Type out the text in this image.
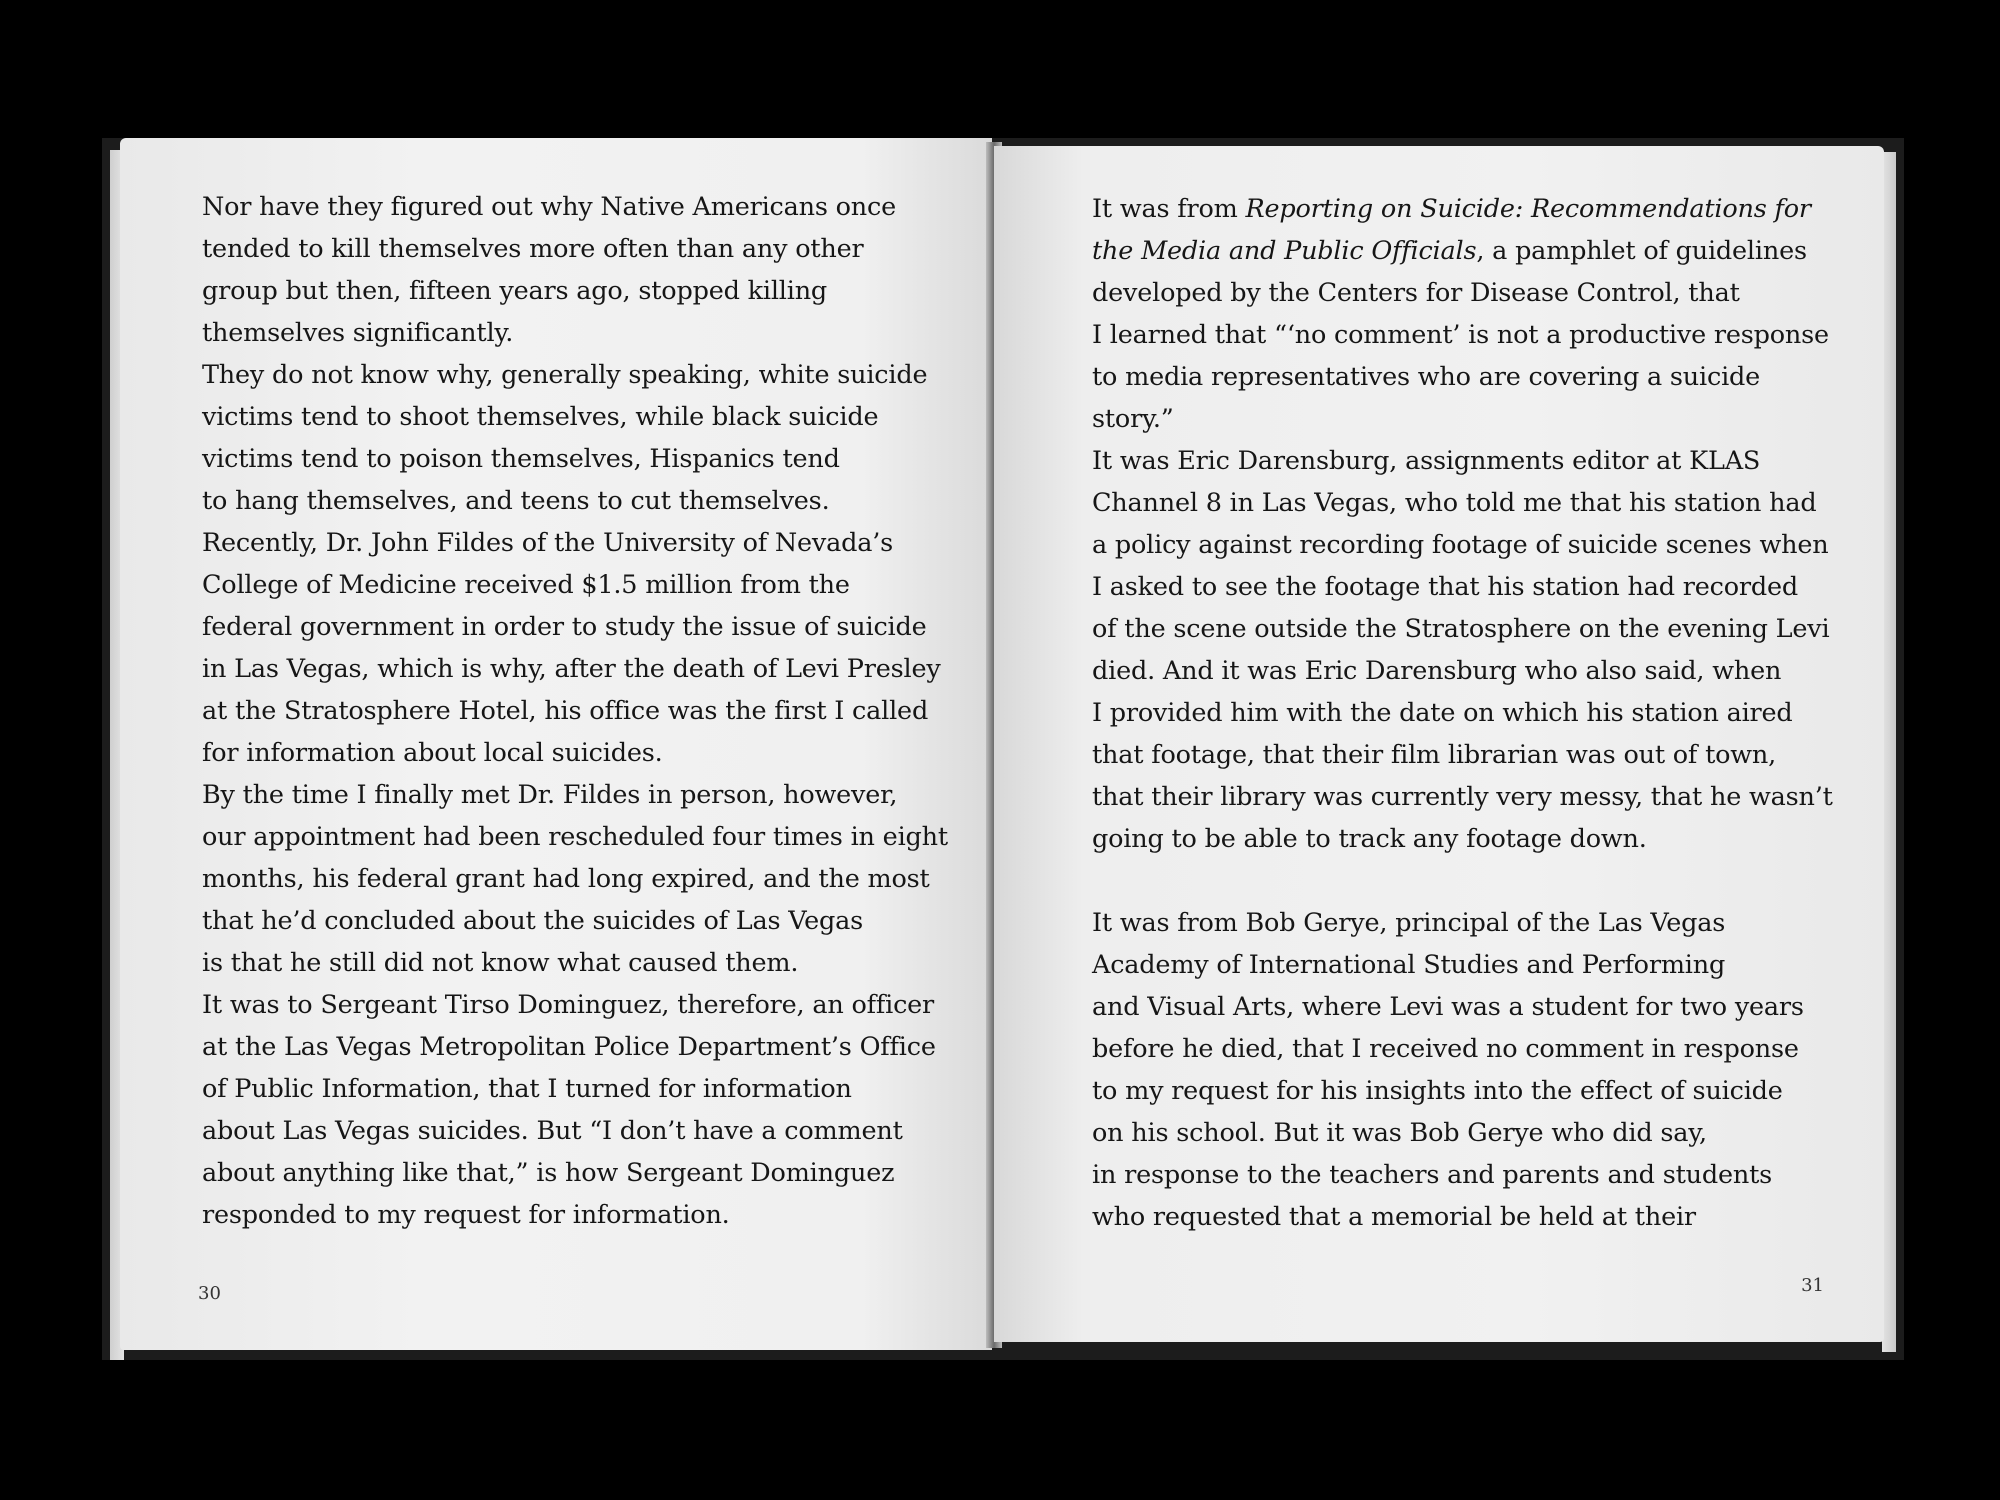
Nor have they figured out why Native Americans once
tended to kill themselves more often than any other
group but then, fifteen years ago, stopped killing
themselves significantly.

They do not know why, generally speaking, white suicide
victims tend to shoot themselves, while black suicide
victims tend to poison themselves, Hispanics tend
to hang themselves, and teens to cut themselves.

Recently, Dr. John Fildes of the University of Nevada’s
College of Medicine received $1.5 million from the
federal government in order to study the issue of suicide
in Las Vegas, which is why, after the death of Levi Presley
at the Stratosphere Hotel, his office was the first I called
for information about local suicides.

By the time I finally met Dr. Fildes in person, however,
our appointment had been rescheduled four times in eight
months, his federal grant had long expired, and the most
that he’d concluded about the suicides of Las Vegas
is that he still did not know what caused them.

It was to Sergeant Tirso Dominguez, therefore, an officer
at the Las Vegas Metropolitan Police Department’s Office
of Public Information, that I turned for information
about Las Vegas suicides. But “I don’t have a comment
about anything like that,” is how Sergeant Dominguez
responded to my request for information.

30

It was from Reporting on Suicide: Recommendations for
the Media and Public Officials, a pamphlet of guidelines
developed by the Centers for Disease Control, that
I learned that “‘no comment’ is not a productive response
to media representatives who are covering a suicide
story.”

It was Eric Darensburg, assignments editor at KLAS
Channel 8 in Las Vegas, who told me that his station had
a policy against recording footage of suicide scenes when
I asked to see the footage that his station had recorded
of the scene outside the Stratosphere on the evening Levi
died. And it was Eric Darensburg who also said, when
I provided him with the date on which his station aired
that footage, that their film librarian was out of town,
that their library was currently very messy, that he wasn’t
going to be able to track any footage down.

It was from Bob Gerye, principal of the Las Vegas
Academy of International Studies and Performing
and Visual Arts, where Levi was a student for two years
before he died, that I received no comment in response
to my request for his insights into the effect of suicide
on his school. But it was Bob Gerye who did say,
in response to the teachers and parents and students
who requested that a memorial be held at their

31
